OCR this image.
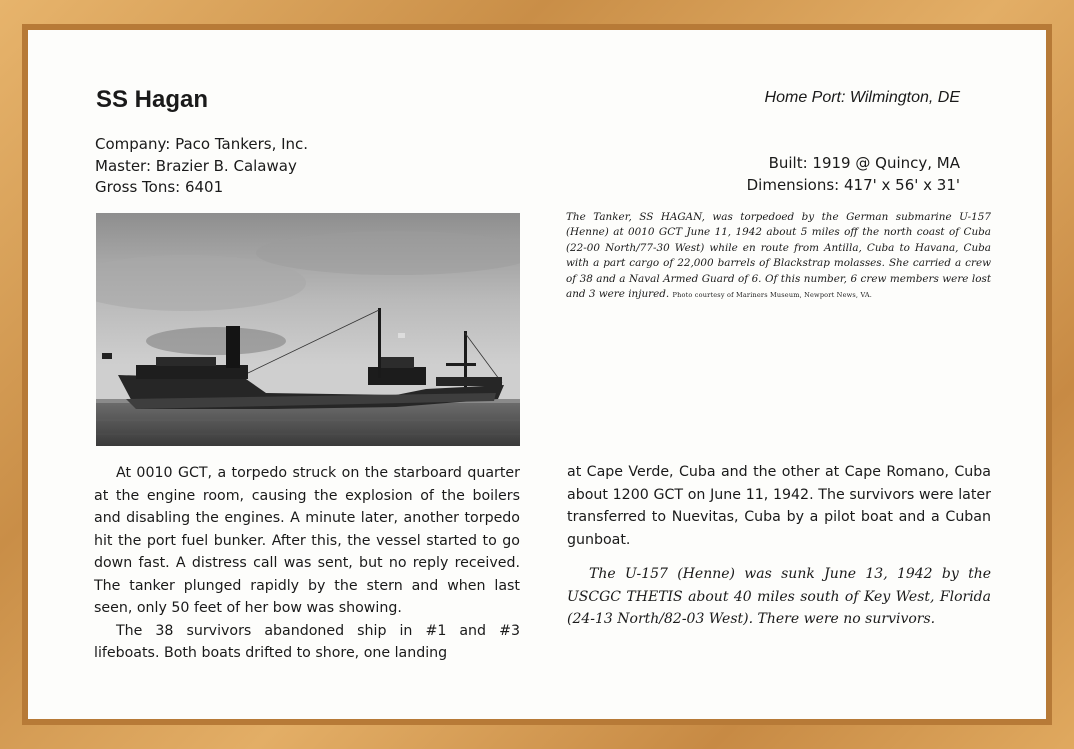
SS Hagan	Home Port: Wilmington, DE
Company: Paco Tankers, Inc.
Master: Brazier B. Calaway
Gross Tons: 6401
Built: 1919 @ Quincy, MA
Dimensions: 417' x 56' x 31'
The Tanker, SS HAGAN, was torpedoed by the German submarine U-157 (Henne) at 0010 GCT June 11, 1942 about 5 miles off the north coast of Cuba (22-00 North/77-30 West) while en route from Antilla, Cuba to Havana, Cuba with a part cargo of 22,000 barrels of Blackstrap molasses. She carried a crew of 38 and a Naval Armed Guard of 6. Of this number, 6 crew members were lost and 3 were injured. Photo courtesy of Mariners Museum, Newport News, VA.

At 0010 GCT, a torpedo struck on the starboard quarter at the engine room, causing the explosion of the boilers and disabling the engines. A minute later, another torpedo hit the port fuel bunker. After this, the vessel started to go down fast. A distress call was sent, but no reply received. The tanker plunged rapidly by the stern and when last seen, only 50 feet of her bow was showing.

The 38 survivors abandoned ship in #1 and #3 lifeboats. Both boats drifted to shore, one landing

at Cape Verde, Cuba and the other at Cape Romano, Cuba about 1200 GCT on June 11, 1942. The survivors were later transferred to Nuevitas, Cuba by a pilot boat and a Cuban gunboat.

The U-157 (Henne) was sunk June 13, 1942 by the USCGC THETIS about 40 miles south of Key West, Florida (24-13 North/82-03 West). There were no survivors.
